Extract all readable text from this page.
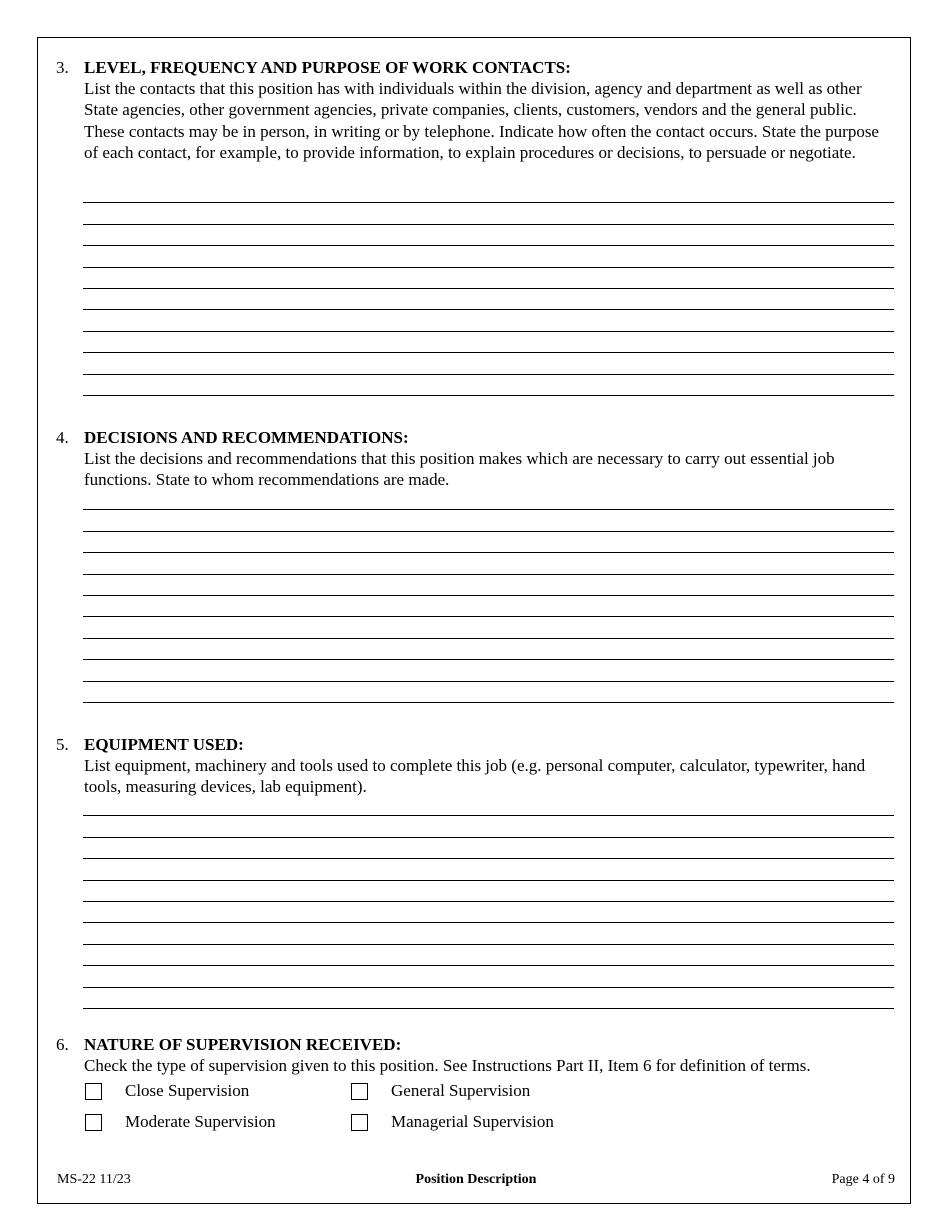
3. LEVEL, FREQUENCY AND PURPOSE OF WORK CONTACTS:
List the contacts that this position has with individuals within the division, agency and department as well as other State agencies, other government agencies, private companies, clients, customers, vendors and the general public. These contacts may be in person, in writing or by telephone. Indicate how often the contact occurs. State the purpose of each contact, for example, to provide information, to explain procedures or decisions, to persuade or negotiate.
4. DECISIONS AND RECOMMENDATIONS:
List the decisions and recommendations that this position makes which are necessary to carry out essential job functions. State to whom recommendations are made.
5. EQUIPMENT USED:
List equipment, machinery and tools used to complete this job (e.g. personal computer, calculator, typewriter, hand tools, measuring devices, lab equipment).
6. NATURE OF SUPERVISION RECEIVED:
Check the type of supervision given to this position. See Instructions Part II, Item 6 for definition of terms.
Close Supervision	General Supervision
Moderate Supervision	Managerial Supervision
MS-22 11/23	Position Description	Page 4 of 9
